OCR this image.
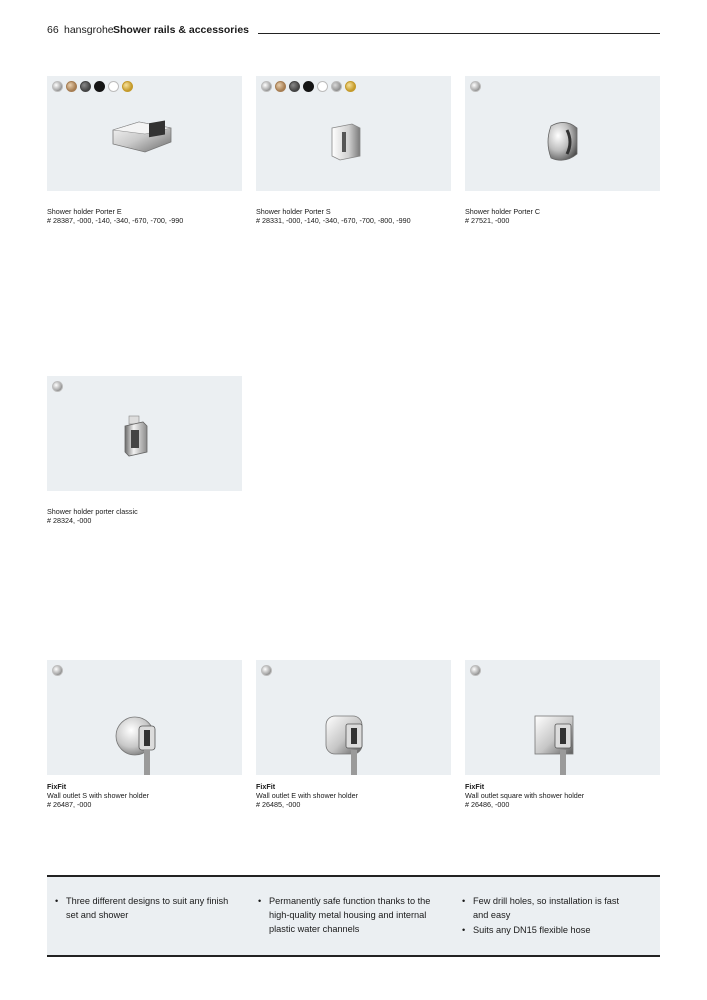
66 hansgrohe Shower rails & accessories
Shower holder Porter E
# 28387, -000, -140, -340, -670, -700, -990
Shower holder Porter S
# 28331, -000, -140, -340, -670, -700, -800, -990
Shower holder Porter C
# 27521, -000
Shower holder porter classic
# 28324, -000
FixFit
Wall outlet S with shower holder
# 26487, -000
FixFit
Wall outlet E with shower holder
# 26485, -000
FixFit
Wall outlet square with shower holder
# 26486, -000
• Three different designs to suit any finish set and shower
• Permanently safe function thanks to the high-quality metal housing and internal plastic water channels
• Few drill holes, so installation is fast and easy
• Suits any DN15 flexible hose
